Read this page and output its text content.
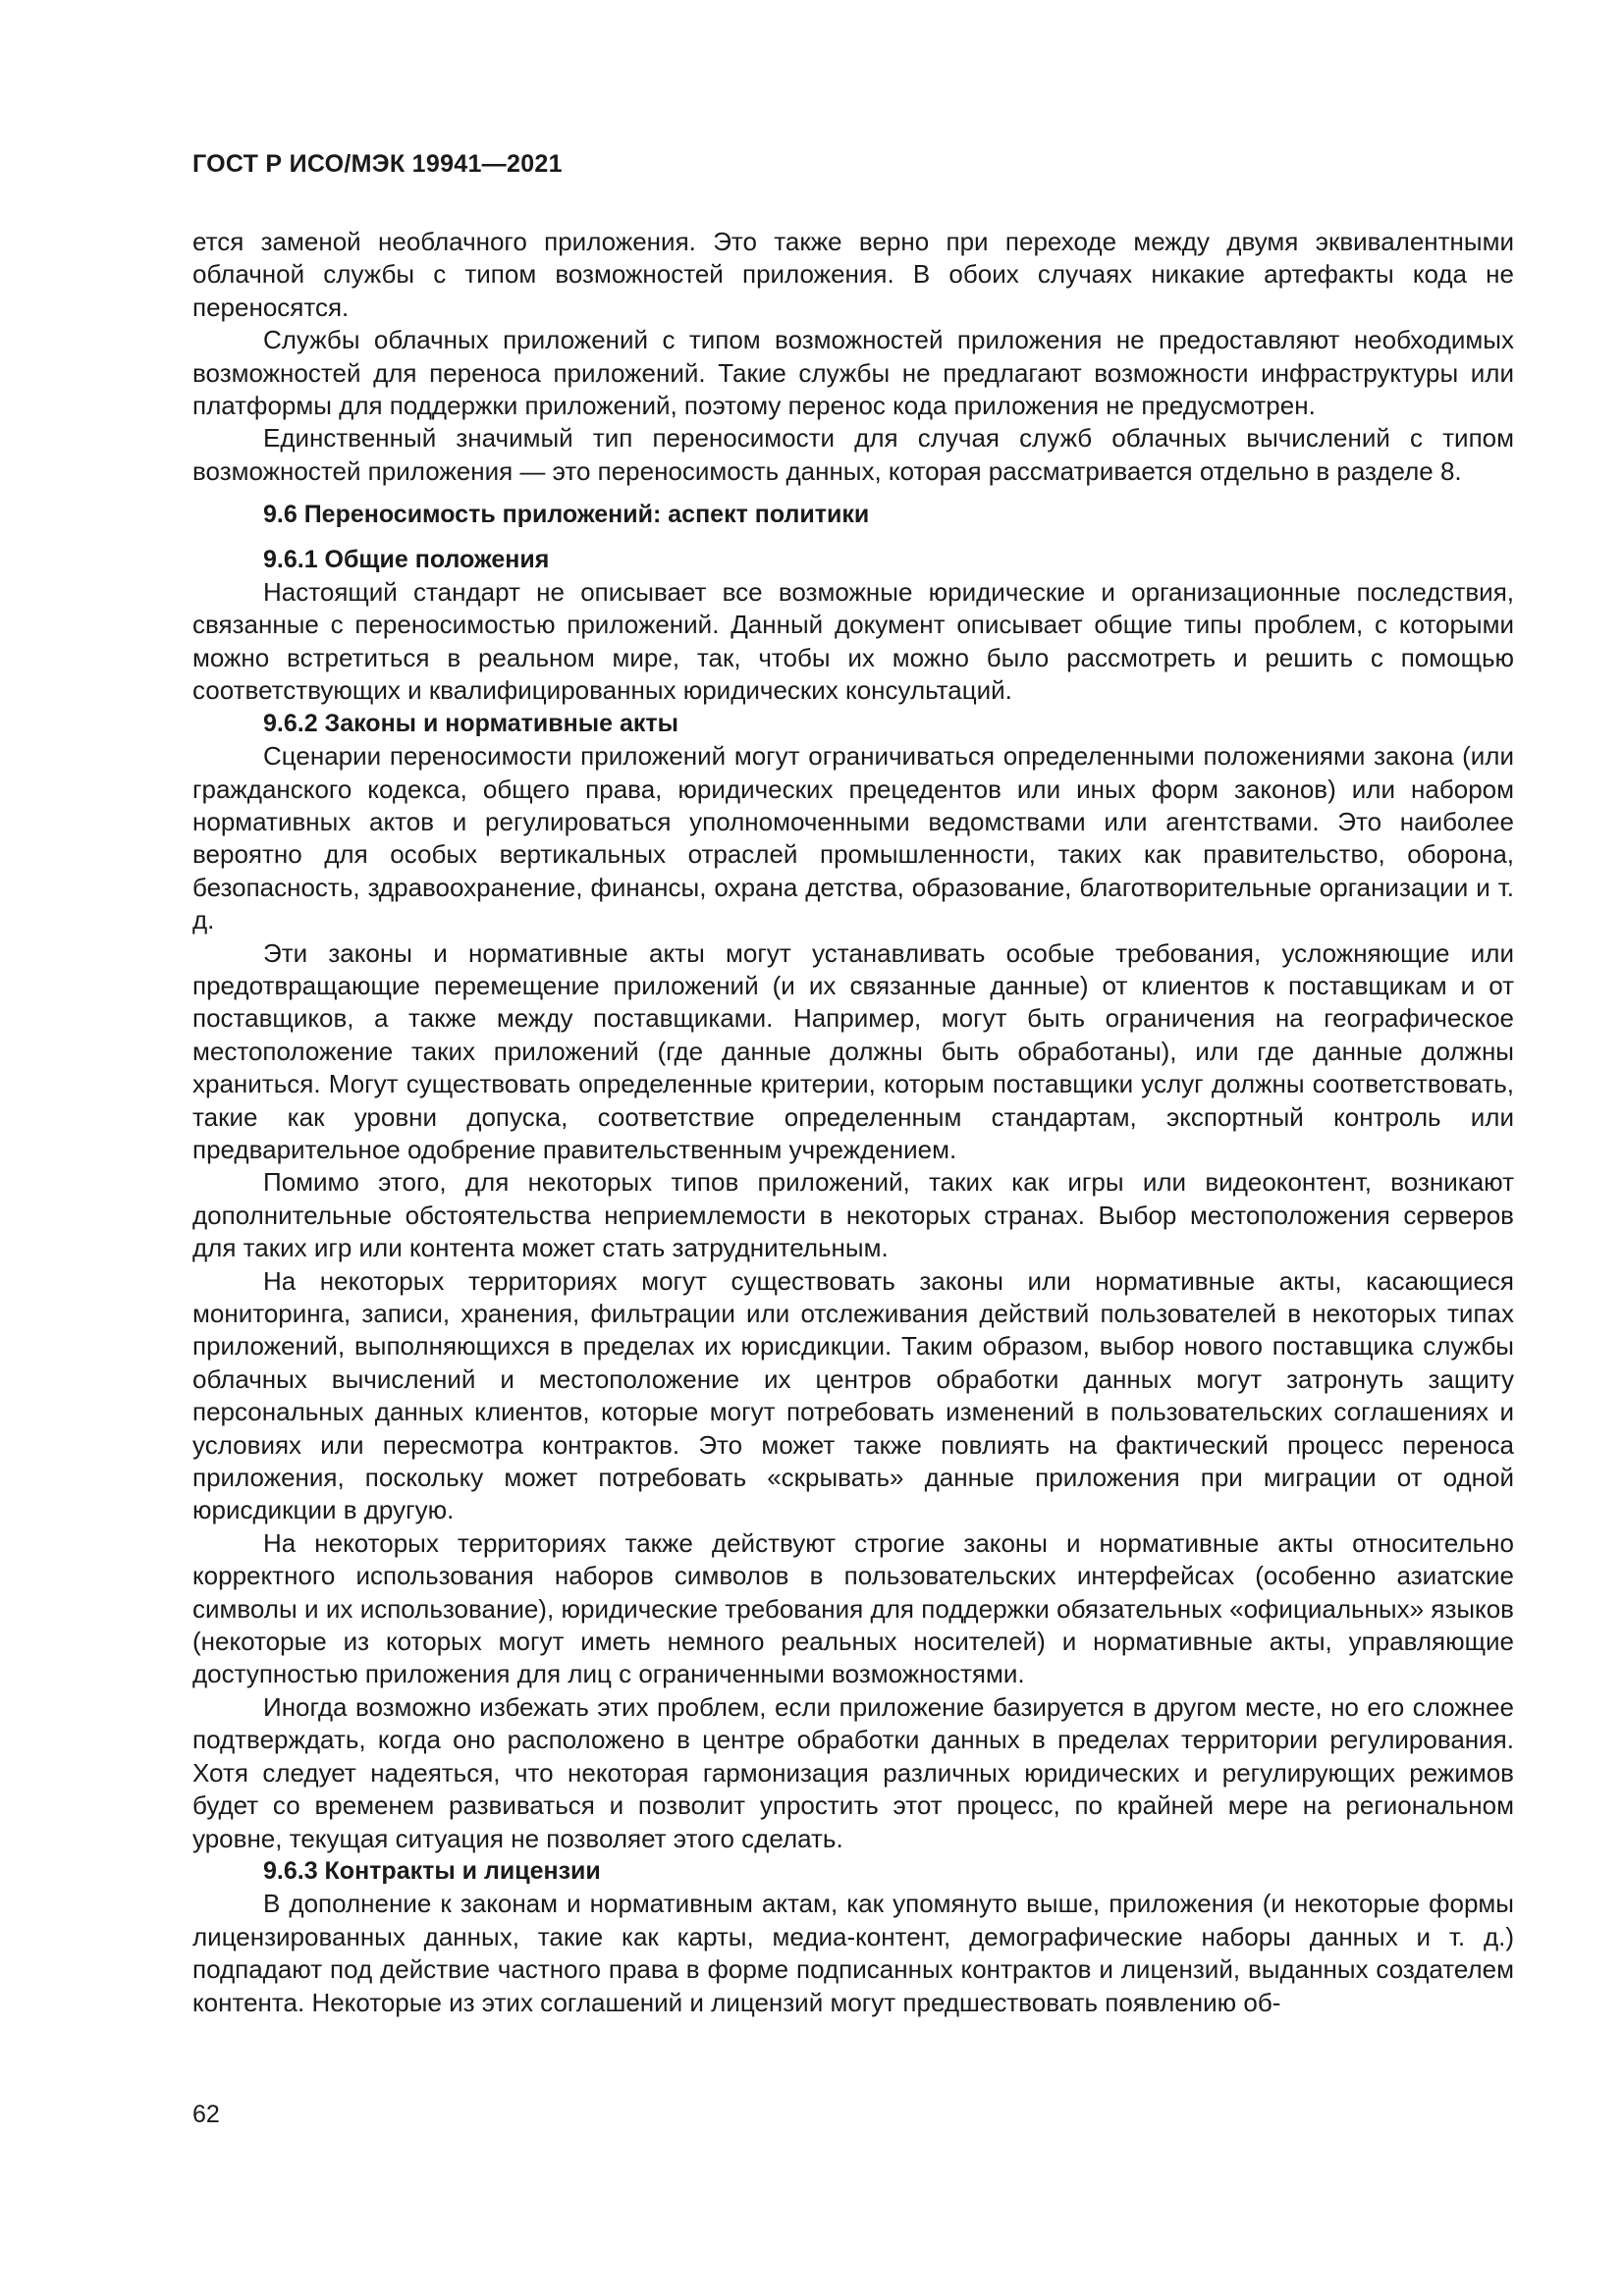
ГОСТ Р ИСО/МЭК 19941—2021

ется заменой необлачного приложения. Это также верно при переходе между двумя эквивалентными облачной службы с типом возможностей приложения. В обоих случаях никакие артефакты кода не переносятся.

Службы облачных приложений с типом возможностей приложения не предоставляют необходимых возможностей для переноса приложений. Такие службы не предлагают возможности инфраструктуры или платформы для поддержки приложений, поэтому перенос кода приложения не предусмотрен.

Единственный значимый тип переносимости для случая служб облачных вычислений с типом возможностей приложения — это переносимость данных, которая рассматривается отдельно в разделе 8.

9.6 Переносимость приложений: аспект политики
9.6.1 Общие положения

Настоящий стандарт не описывает все возможные юридические и организационные последствия, связанные с переносимостью приложений. Данный документ описывает общие типы проблем, с которыми можно встретиться в реальном мире, так, чтобы их можно было рассмотреть и решить с помощью соответствующих и квалифицированных юридических консультаций.

9.6.2 Законы и нормативные акты

Сценарии переносимости приложений могут ограничиваться определенными положениями закона (или гражданского кодекса, общего права, юридических прецедентов или иных форм законов) или набором нормативных актов и регулироваться уполномоченными ведомствами или агентствами. Это наиболее вероятно для особых вертикальных отраслей промышленности, таких как правительство, оборона, безопасность, здравоохранение, финансы, охрана детства, образование, благотворительные организации и т. д.

Эти законы и нормативные акты могут устанавливать особые требования, усложняющие или предотвращающие перемещение приложений (и их связанные данные) от клиентов к поставщикам и от поставщиков, а также между поставщиками. Например, могут быть ограничения на географическое местоположение таких приложений (где данные должны быть обработаны), или где данные должны храниться. Могут существовать определенные критерии, которым поставщики услуг должны соответствовать, такие как уровни допуска, соответствие определенным стандартам, экспортный контроль или предварительное одобрение правительственным учреждением.

Помимо этого, для некоторых типов приложений, таких как игры или видеоконтент, возникают дополнительные обстоятельства неприемлемости в некоторых странах. Выбор местоположения серверов для таких игр или контента может стать затруднительным.

На некоторых территориях могут существовать законы или нормативные акты, касающиеся мониторинга, записи, хранения, фильтрации или отслеживания действий пользователей в некоторых типах приложений, выполняющихся в пределах их юрисдикции. Таким образом, выбор нового поставщика службы облачных вычислений и местоположение их центров обработки данных могут затронуть защиту персональных данных клиентов, которые могут потребовать изменений в пользовательских соглашениях и условиях или пересмотра контрактов. Это может также повлиять на фактический процесс переноса приложения, поскольку может потребовать «скрывать» данные приложения при миграции от одной юрисдикции в другую.

На некоторых территориях также действуют строгие законы и нормативные акты относительно корректного использования наборов символов в пользовательских интерфейсах (особенно азиатские символы и их использование), юридические требования для поддержки обязательных «официальных» языков (некоторые из которых могут иметь немного реальных носителей) и нормативные акты, управляющие доступностью приложения для лиц с ограниченными возможностями.

Иногда возможно избежать этих проблем, если приложение базируется в другом месте, но его сложнее подтверждать, когда оно расположено в центре обработки данных в пределах территории регулирования. Хотя следует надеяться, что некоторая гармонизация различных юридических и регулирующих режимов будет со временем развиваться и позволит упростить этот процесс, по крайней мере на региональном уровне, текущая ситуация не позволяет этого сделать.

9.6.3 Контракты и лицензии

В дополнение к законам и нормативным актам, как упомянуто выше, приложения (и некоторые формы лицензированных данных, такие как карты, медиа-контент, демографические наборы данных и т. д.) подпадают под действие частного права в форме подписанных контрактов и лицензий, выданных создателем контента. Некоторые из этих соглашений и лицензий могут предшествовать появлению об-

62
